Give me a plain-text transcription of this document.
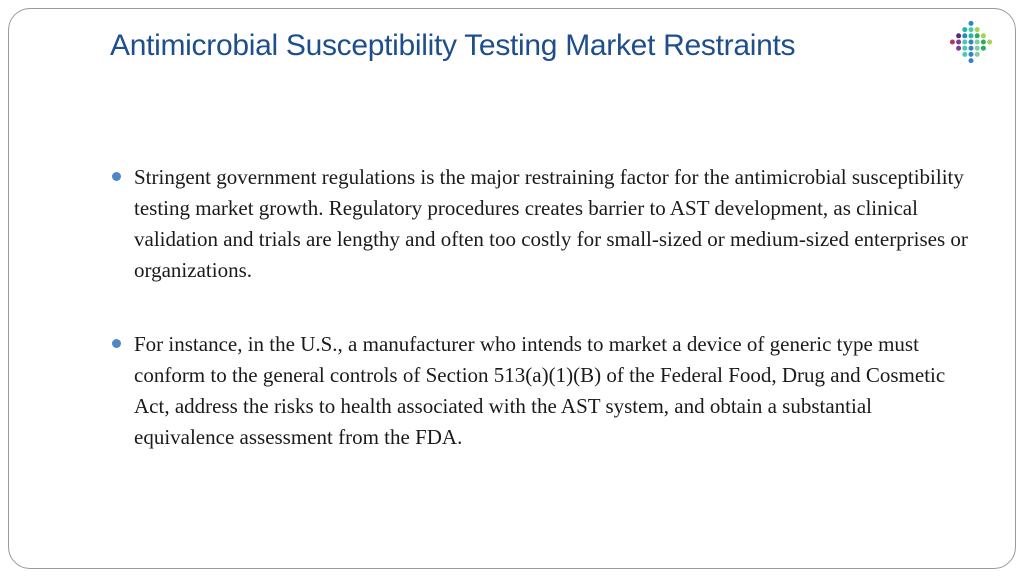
Antimicrobial Susceptibility Testing Market Restraints
Stringent government regulations is the major restraining factor for the antimicrobial susceptibility testing market growth. Regulatory procedures creates barrier to AST development, as clinical validation and trials are lengthy and often too costly for small-sized or medium-sized enterprises or organizations.
For instance, in the U.S., a manufacturer who intends to market a device of generic type must conform to the general controls of Section 513(a)(1)(B) of the Federal Food, Drug and Cosmetic Act, address the risks to health associated with the AST system, and obtain a substantial equivalence assessment from the FDA.
